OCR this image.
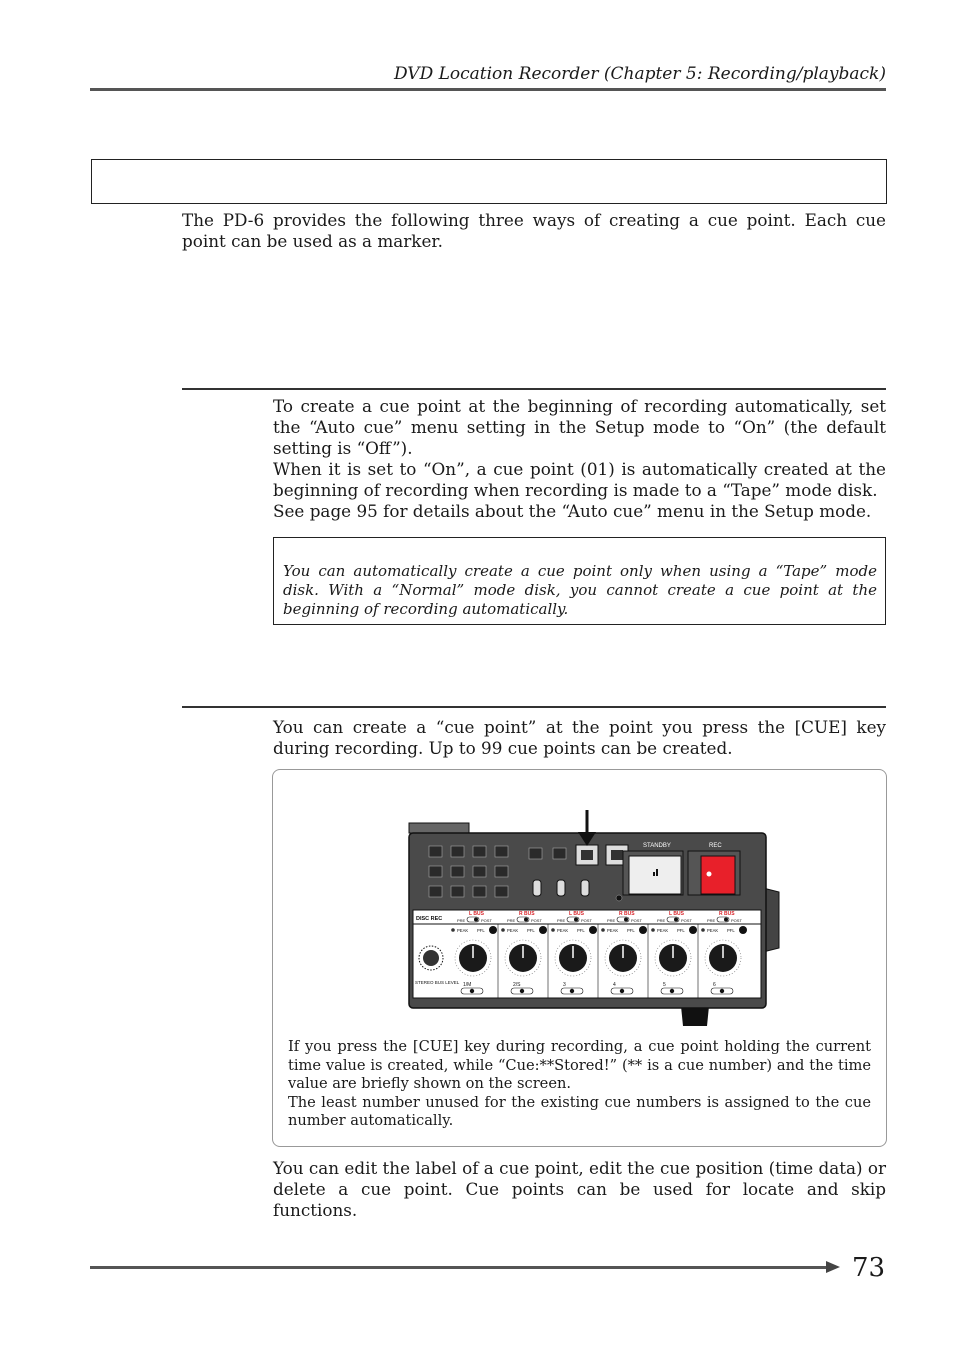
DVD Location Recorder (Chapter 5: Recording/playback)
The PD-6 provides the following three ways of creating a cue point. Each cue point can be used as a marker.
To create a cue point at the beginning of recording automatically, set the “Auto cue” menu setting in the Setup mode to “On” (the default setting is “Off”).
When it is set to “On”, a cue point (01) is automatically created at the beginning of recording when recording is made to a “Tape” mode disk.
See page 95 for details about the “Auto cue” menu in the Setup mode.
You can automatically create a cue point only when using a “Tape” mode disk. With a “Normal” mode disk, you cannot create a cue point at the beginning of recording automatically.
You can create a “cue point” at the point you press the [CUE] key during recording. Up to 99 cue points can be created.
STANDBY	REC
DISC REC
L BUS
PRE	POST
R BUS
PRE	POST
L BUS
PRE	POST
R BUS
PRE	POST
L BUS
PRE	POST
R BUS
PRE	POST
STEREO BUS LEVEL
PEAK PFL
1/M
PEAK PFL
2/S
PEAK PFL
3
PEAK PFL
4
PEAK PFL
5
PEAK PFL
6
If you press the [CUE] key during recording, a cue point holding the current time value is created, while “Cue:**Stored!” (** is a cue number) and the time value are briefly shown on the screen.
The least number unused for the existing cue numbers is assigned to the cue number automatically.
You can edit the label of a cue point, edit the cue position (time data) or delete a cue point. Cue points can be used for locate and skip functions.
73
